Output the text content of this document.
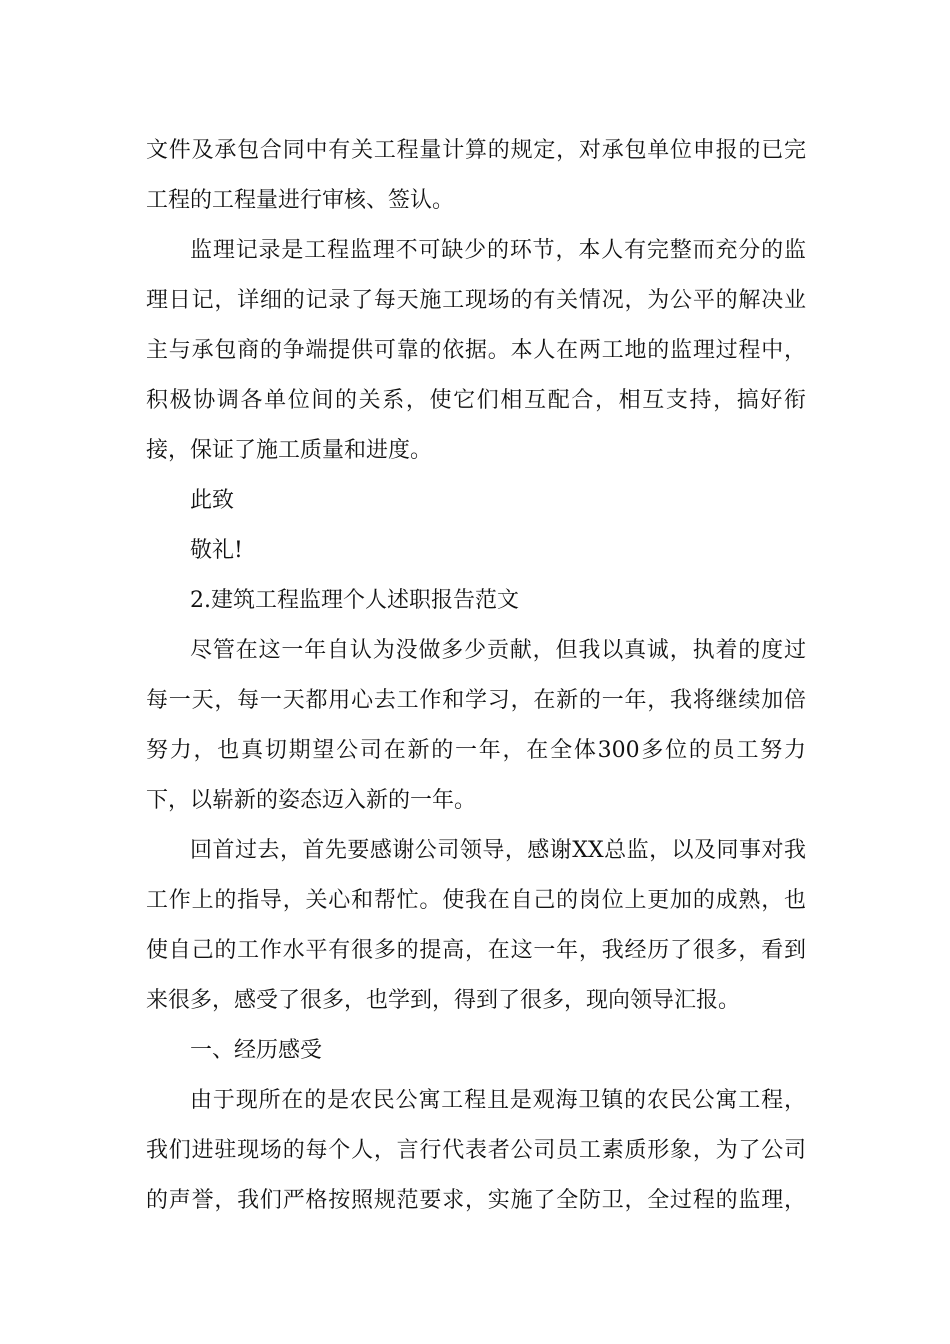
文件及承包合同中有关工程量计算的规定，对承包单位申报的已完
工程的工程量进行审核、签认。
监理记录是工程监理不可缺少的环节，本人有完整而充分的监
理日记，详细的记录了每天施工现场的有关情况，为公平的解决业
主与承包商的争端提供可靠的依据。本人在两工地的监理过程中，
积极协调各单位间的关系，使它们相互配合，相互支持，搞好衔
接，保证了施工质量和进度。
此致
敬礼!
2.建筑工程监理个人述职报告范文
尽管在这一年自认为没做多少贡献，但我以真诚，执着的度过
每一天，每一天都用心去工作和学习，在新的一年，我将继续加倍
努力，也真切期望公司在新的一年，在全体300多位的员工努力
下，以崭新的姿态迈入新的一年。
回首过去，首先要感谢公司领导，感谢XX总监，以及同事对我
工作上的指导，关心和帮忙。使我在自己的岗位上更加的成熟，也
使自己的工作水平有很多的提高，在这一年，我经历了很多，看到
来很多，感受了很多，也学到，得到了很多，现向领导汇报。
一、经历感受
由于现所在的是农民公寓工程且是观海卫镇的农民公寓工程，
我们进驻现场的每个人，言行代表者公司员工素质形象，为了公司
的声誉，我们严格按照规范要求，实施了全防卫，全过程的监理，
